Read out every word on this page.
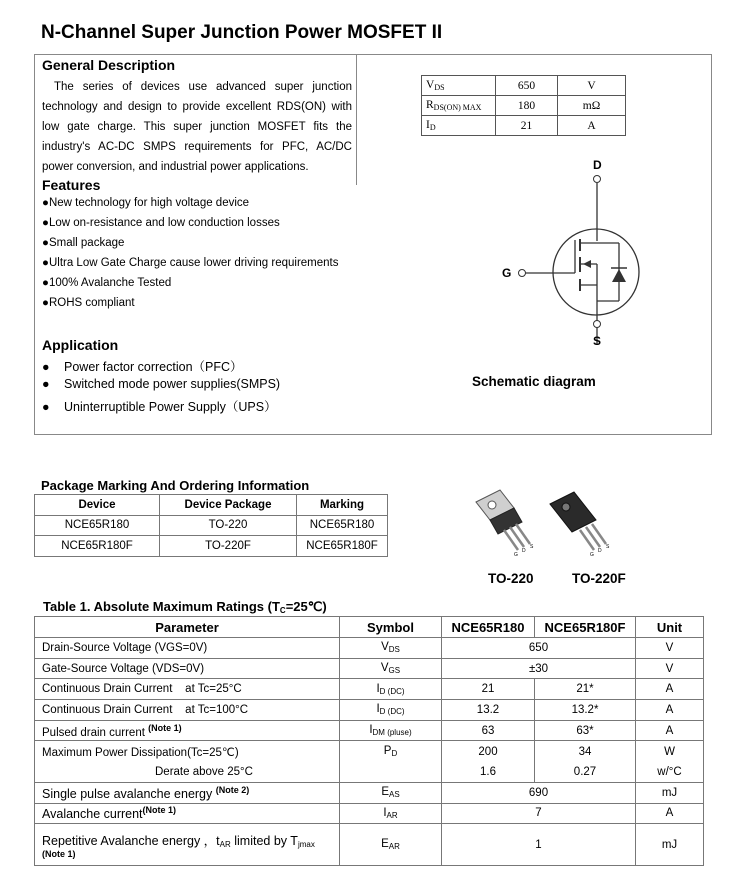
N-Channel Super Junction Power MOSFET II
General Description
The series of devices use advanced super junction technology and design to provide excellent RDS(ON) with low gate charge. This super junction MOSFET fits the industry's AC-DC SMPS requirements for PFC, AC/DC power conversion, and industrial power applications.
Features
●New technology for high voltage device
●Low on-resistance and low conduction losses
●Small package
●Ultra Low Gate Charge cause lower driving requirements
●100% Avalanche Tested
●ROHS compliant
Application
● Power factor correction（PFC）
● Switched mode power supplies(SMPS)
● Uninterruptible Power Supply（UPS）
$V_{DS}$	650	V
$R_{DS(ON) MAX}$	180	mΩ
$I_D$	21	A
D
G
S
Schematic diagram
Package Marking And Ordering Information
Device	Device Package	Marking
NCE65R180	TO-220	NCE65R180
NCE65R180F	TO-220F	NCE65R180F
G
D
S
G
D
S
TO-220	TO-220F
Table 1. Absolute Maximum Ratings $(T_C=25℃)$
Parameter	Symbol	NCE65R180	NCE65R180F	Unit
Drain-Source Voltage (VGS=0V)	$V_{DS}$	650		V
Gate-Source Voltage (VDS=0V)	$V_{GS}$	±30		V
Continuous Drain Current    at Tc=25°C	$I_{D (DC)}$	21	21*	A
Continuous Drain Current    at Tc=100°C	$I_{D (DC)}$	13.2	13.2*	A
Pulsed drain current $^{(Note 1)}$	$I_{DM (pluse)}$	63	63*	A
Maximum Power Dissipation(Tc=25℃)	$P_D$	200	34	W
Derate above 25°C		1.6	0.27	w/°C
Single pulse avalanche energy $^{(Note 2)}$	$E_{AS}$	690		mJ
Avalanche current$^{(Note 1)}$	$I_{AR}$	7		A

Repetitive Avalanche energy ，$t_{AR}$ limited by $T_{jmax}$
(Note 1)	$E_{AR}$	1		mJ
